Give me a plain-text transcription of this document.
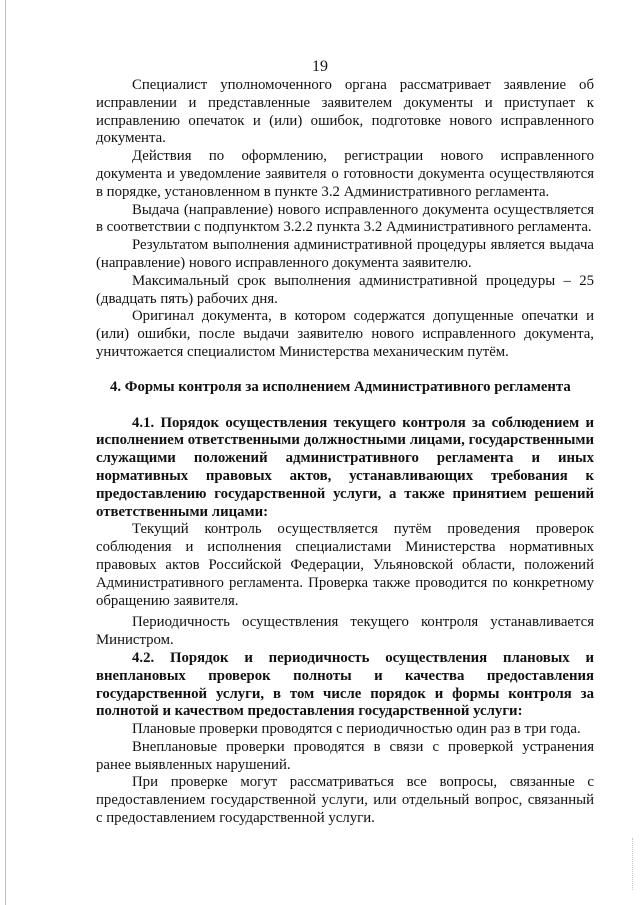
19

Специалист уполномоченного органа рассматривает заявление об исправлении и представленные заявителем документы и приступает к исправлению опечаток и (или) ошибок, подготовке нового исправленного документа.

Действия по оформлению, регистрации нового исправленного документа и уведомление заявителя о готовности документа осуществляются в порядке, установленном в пункте 3.2 Административного регламента.

Выдача (направление) нового исправленного документа осуществляется в соответствии с подпунктом 3.2.2 пункта 3.2 Административного регламента.

Результатом выполнения административной процедуры является выдача (направление) нового исправленного документа заявителю.

Максимальный срок выполнения административной процедуры – 25 (двадцать пять) рабочих дня.

Оригинал документа, в котором содержатся допущенные опечатки и (или) ошибки, после выдачи заявителю нового исправленного документа, уничтожается специалистом Министерства механическим путём.

4. Формы контроля за исполнением Административного регламента

4.1. Порядок осуществления текущего контроля за соблюдением и исполнением ответственными должностными лицами, государственными служащими положений административного регламента и иных нормативных правовых актов, устанавливающих требования к предоставлению государственной услуги, а также принятием решений ответственными лицами:

Текущий контроль осуществляется путём проведения проверок соблюдения и исполнения специалистами Министерства нормативных правовых актов Российской Федерации, Ульяновской области, положений Административного регламента. Проверка также проводится по конкретному обращению заявителя.

Периодичность осуществления текущего контроля устанавливается Министром.

4.2. Порядок и периодичность осуществления плановых и внеплановых проверок полноты и качества предоставления государственной услуги, в том числе порядок и формы контроля за полнотой и качеством предоставления государственной услуги:

Плановые проверки проводятся с периодичностью один раз в три года.

Внеплановые проверки проводятся в связи с проверкой устранения ранее выявленных нарушений.

При проверке могут рассматриваться все вопросы, связанные с предоставлением государственной услуги, или отдельный вопрос, связанный с предоставлением государственной услуги.
